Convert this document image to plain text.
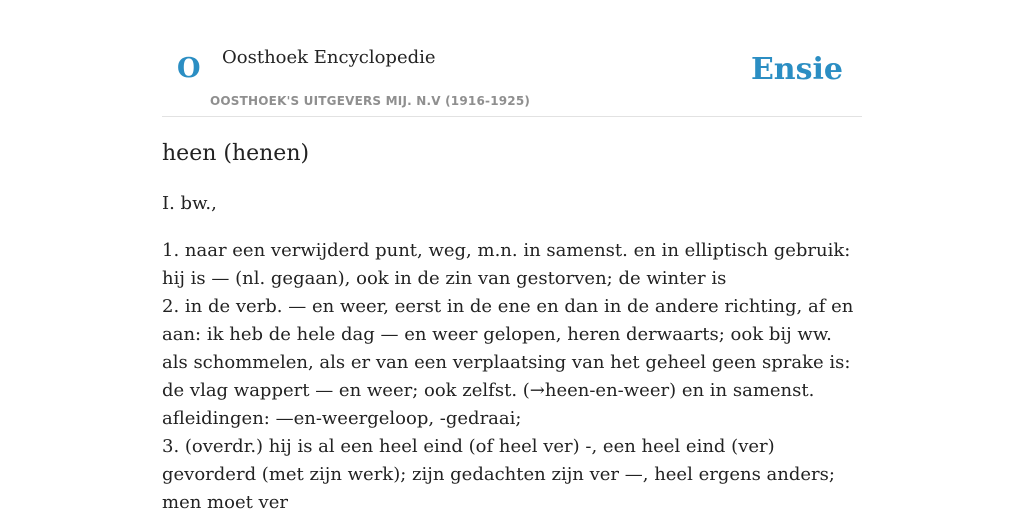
O Oosthoek Encyclopedie
OOSTHOEK'S UITGEVERS MIJ. N.V (1916-1925)
Ensie
heen (henen)

I. bw.,

1. naar een verwijderd punt, weg, m.n. in samenst. en in elliptisch gebruik: hij is — (nl. gegaan), ook in de zin van gestorven; de winter is

2. in de verb. — en weer, eerst in de ene en dan in de andere richting, af en aan: ik heb de hele dag — en weer gelopen, heren derwaarts; ook bij ww. als schommelen, als er van een verplaatsing van het geheel geen sprake is: de vlag wappert — en weer; ook zelfst. (→heen-en-weer) en in samenst. afleidingen: —en-weergeloop, -gedraai;

3. (overdr.) hij is al een heel eind (of heel ver) -, een heel eind (ver) gevorderd (met zijn werk); zijn gedachten zijn ver —, heel ergens anders; men moet ver
